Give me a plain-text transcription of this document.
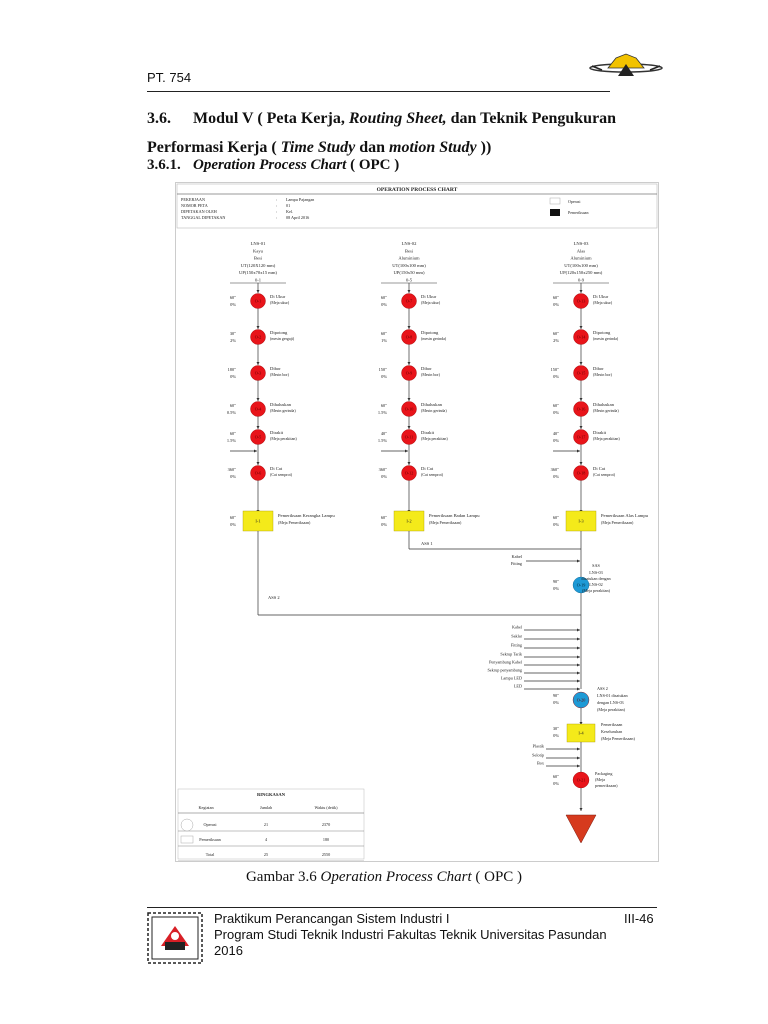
PT. 754
3.6. Modul V ( Peta Kerja, Routing Sheet, dan Teknik Pengukuran
Performasi Kerja ( Time Study dan motion Study ))
3.6.1. Operation Process Chart ( OPC )
OPERATION PROCESS CHART
PEKERJAAN	: Lampu Pajangan
NOMOR PETA	: 01
DIPETAKAN OLEH	: Kel.
TANGGAL DIPETAKAN	: 08 April 2016
Operasi
Pemeriksaan
LNS-01
Kayu
Besi
UT(120X120 mm)
UP(150x70x15 mm)
0-1
LNS-02
Besi
Aluminium
UT(100x100 mm)
UP(150x50 mm)
0-5
LNS-03
Alas
Aluminium
UT(100x100 mm)
UP(120x150x250 mm)
0-9
O-1
60"
0%
Di Ukur
(Meja ukur)
O-2
30"
2%
Dipotong
(mesin gergaji)
O-3
180"
0%
Dibor
(Mesin bor)
O-4
60"
0.5%
Dihaluskan
(Mesin gerinda)
O-5
60"
1.5%
Dirakit
(Meja perakitan)
O-6
360"
0%
Di Cat
(Cat semprot)
I-1
60"
0%
Pemeriksaan Kerangka Lampu
(Meja Pemeriksaan)
O-7
60"
0%
Di Ukur
(Meja ukur)
O-8
60"
1%
Dipotong
(mesin gerinda)
O-9
150"
0%
Dibor
(Mesin bor)
O-10
60"
1.5%
Dihaluskan
(Mesin gerinda)
O-11
40"
1.5%
Dirakit
(Meja perakitan)
O-12
360"
0%
Di Cat
(Cat semprot)
I-2
60"
0%
Pemeriksaan Badan Lampu
(Meja Pemeriksaan)
O-13
60"
0%
Di Ukur
(Meja ukur)
O-14
60"
2%
Dipotong
(mesin gerinda)
O-15
150"
0%
Dibor
(Mesin bor)
O-16
60"
0%
Dihaluskan
(Mesin gerinda)
O-17
40"
0%
Dirakit
(Meja perakitan)
O-18
360"
0%
Di Cat
(Cat semprot)
I-3
60"
0%
Pemeriksaan Alas Lampu
(Meja Pemeriksaan)
ASS 1
Kabel
Fitting
O-19
90"
0%
SAS
LNS-03
disatukan dengan
LNS-02
(Meja perakitan)
ASS 2
Kabel
Saklar
Fitting
Sekrup Tarik
Penyambung Kabel
Sekrup penyambung
Lampu LED
LED
O-20
90"
0%
ASS 2
LNS-01 disatukan
dengan LNS-03
(Meja perakitan)
I-4
30"
0%
Pemeriksaan
Keseluruhan
(Meja Pemeriksaan)
Plastik
Selotip
Box
O-21
60"
0%
Packaging
(Meja
pemeriksaan)
RINGKASAN
Kegiatan	Jumlah	Waktu (detik)
Operasi	21	2370
Pemeriksaan	4	180
Total	25	2550
Gambar 3.6 Operation Process Chart ( OPC )
Praktikum Perancangan Sistem Industri I
Program Studi Teknik Industri Fakultas Teknik Universitas Pasundan
2016
III-46
